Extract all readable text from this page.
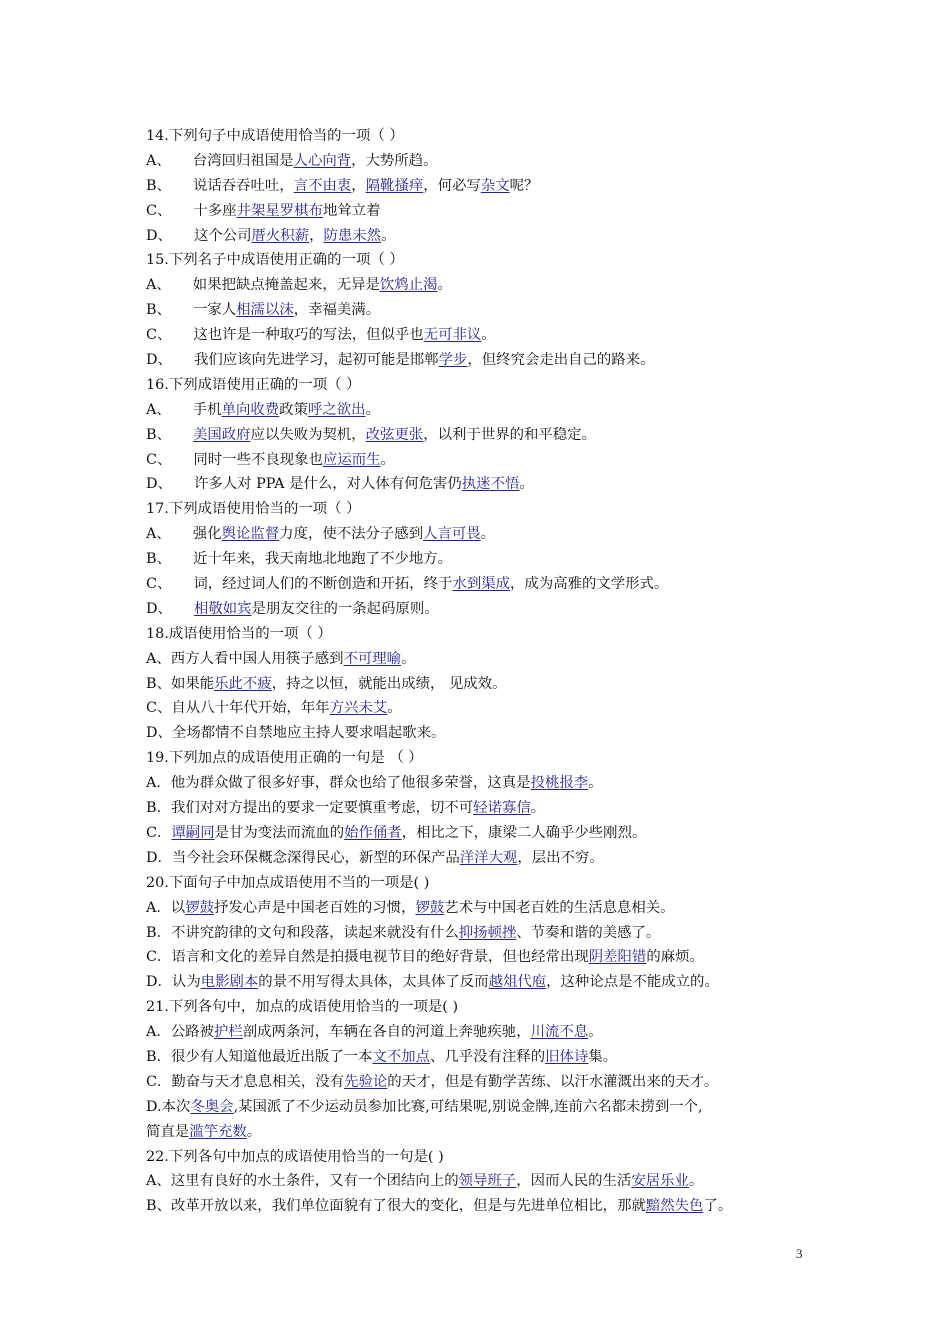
14.下列句子中成语使用恰当的一项（ ）
A、 台湾回归祖国是人心向背，大势所趋。
B、 说话吞吞吐吐，言不由衷，隔靴搔痒，何必写杂文呢？
C、 十多座井架星罗棋布地耸立着
D、 这个公司厝火积薪，防患未然。
15.下列名子中成语使用正确的一项（ ）
A、 如果把缺点掩盖起来，无异是饮鸩止渴。
B、 一家人相濡以沫，幸福美满。
C、 这也许是一种取巧的写法，但似乎也无可非议。
D、 我们应该向先进学习，起初可能是邯郸学步，但终究会走出自己的路来。
16.下列成语使用正确的一项（ ）
A、 手机单向收费政策呼之欲出。
B、 美国政府应以失败为契机，改弦更张，以利于世界的和平稳定。
C、 同时一些不良现象也应运而生。
D、 许多人对 PPA 是什么，对人体有何危害仍执迷不悟。
17.下列成语使用恰当的一项（ ）
A、 强化舆论监督力度，使不法分子感到人言可畏。
B、 近十年来，我天南地北地跑了不少地方。
C、 词，经过词人们的不断创造和开拓，终于水到渠成，成为高雅的文学形式。
D、 相敬如宾是朋友交往的一条起码原则。
18.成语使用恰当的一项（ ）
A、西方人看中国人用筷子感到不可理喻。
B、如果能乐此不疲，持之以恒，就能出成绩， 见成效。
C、自从八十年代开始，年年方兴未艾。
D、全场都情不自禁地应主持人要求唱起歌来。
19.下列加点的成语使用正确的一句是 （ ）
A．他为群众做了很多好事，群众也给了他很多荣誉，这真是投桃报李。
B．我们对对方提出的要求一定要慎重考虑，切不可轻诺寡信。
C．谭嗣同是甘为变法而流血的始作俑者，相比之下，康梁二人确乎少些刚烈。
D．当今社会环保概念深得民心，新型的环保产品洋洋大观，层出不穷。
20.下面句子中加点成语使用不当的一项是( )
A．以锣鼓抒发心声是中国老百姓的习惯，锣鼓艺术与中国老百姓的生活息息相关。
B．不讲究韵律的文句和段落，读起来就没有什么抑扬顿挫、节奏和谐的美感了。
C．语言和文化的差异自然是拍摄电视节目的绝好背景，但也经常出现阴差阳错的麻烦。
D．认为电影剧本的景不用写得太具体，太具体了反而越俎代庖，这种论点是不能成立的。
21.下列各句中，加点的成语使用恰当的一项是( )
A．公路被护栏剖成两条河，车辆在各自的河道上奔驰疾驰，川流不息。
B．很少有人知道他最近出版了一本文不加点、几乎没有注释的旧体诗集。
C．勤奋与天才息息相关，没有先验论的天才，但是有勤学苦练、以汗水灌溉出来的天才。
D.本次冬奥会,某国派了不少运动员参加比赛,可结果呢,别说金牌,连前六名都未捞到一个,
简直是滥竽充数。
22.下列各句中加点的成语使用恰当的一句是( )
A、这里有良好的水土条件，又有一个团结向上的领导班子，因而人民的生活安居乐业。
B、改革开放以来，我们单位面貌有了很大的变化，但是与先进单位相比，那就黯然失色了。
3
